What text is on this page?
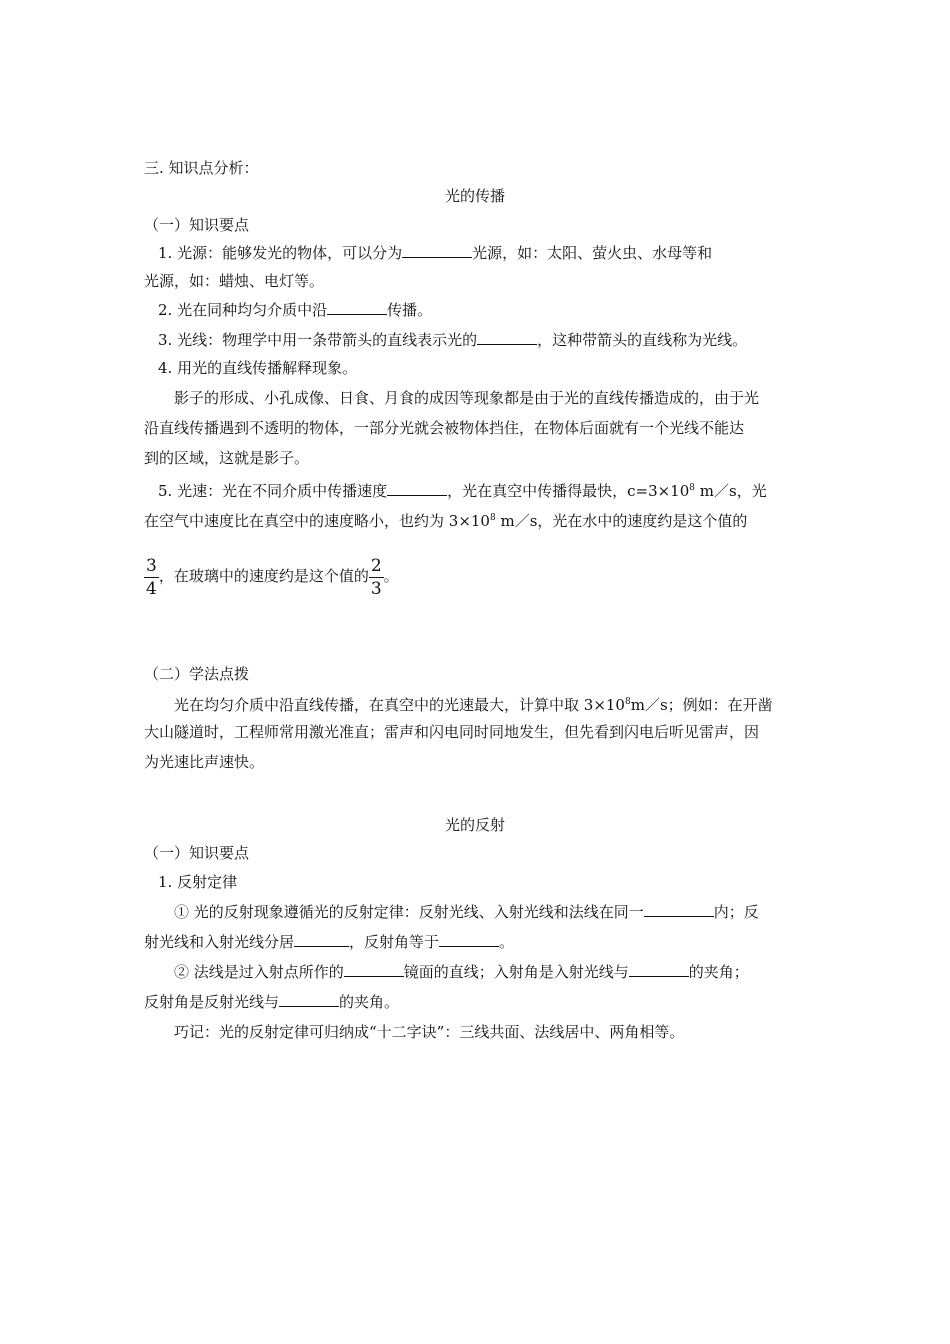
三. 知识点分析：
光的传播
（一）知识要点
1. 光源：能够发光的物体，可以分为	光源，如：太阳、萤火虫、水母等和
光源，如：蜡烛、电灯等。
2. 光在同种均匀介质中沿	传播。
3. 光线：物理学中用一条带箭头的直线表示光的	，这种带箭头的直线称为光线。
4. 用光的直线传播解释现象。
影子的形成、小孔成像、日食、月食的成因等现象都是由于光的直线传播造成的，由于光
沿直线传播遇到不透明的物体，一部分光就会被物体挡住，在物体后面就有一个光线不能达
到的区域，这就是影子。
5. 光速：光在不同介质中传播速度	，光在真空中传播得最快，$c=3\times 10^8$ m／s，光
在空气中速度比在真空中的速度略小，也约为 $3\times 10^8$ m／s，光在水中的速度约是这个值的
$\frac{3}{4}$ ，在玻璃中的速度约是这个值的 $\frac{2}{3}$ 。
（二）学法点拨
光在均匀介质中沿直线传播，在真空中的光速最大，计算中取 $3\times 10^8m/s$；例如：在开凿
大山隧道时，工程师常用激光准直；雷声和闪电同时同地发生，但先看到闪电后听见雷声，因
为光速比声速快。
光的反射
（一）知识要点
1. 反射定律
① 光的反射现象遵循光的反射定律：反射光线、入射光线和法线在同一	内；反
射光线和入射光线分居	，反射角等于	。
② 法线是过入射点所作的	镜面的直线；入射角是入射光线与	的夹角；
反射角是反射光线与	的夹角。
巧记：光的反射定律可归纳成“十二字诀”：三线共面、法线居中、两角相等。
